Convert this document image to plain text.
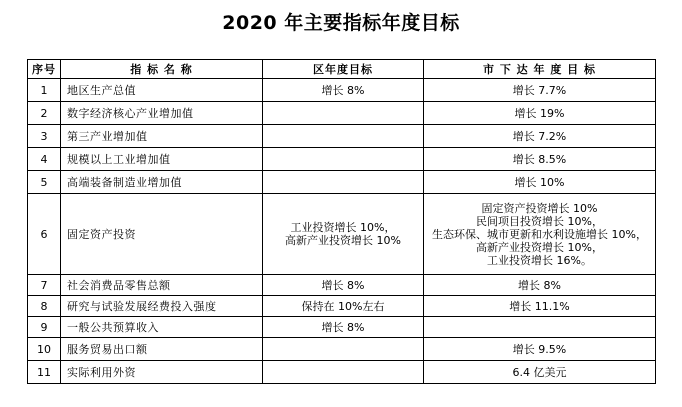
2020 年主要指标年度目标
序号	指 标 名 称	区年度目标	市 下 达 年 度 目 标
1	地区生产总值	增长 8%	增长 7.7%

2	数字经济核心产业增加值		增长 19%

3	第三产业增加值		增长 7.2%

4	规模以上工业增加值		增长 8.5%

5	高端装备制造业增加值		增长 10%

6	固定资产投资	工业投资增长 10%，
高新产业投资增长 10%	固定资产投资增长 10%
民间项目投资增长 10%，
生态环保、城市更新和水利设施增长 10%，
高新产业投资增长 10%，
工业投资增长 16%。

7	社会消费品零售总额	增长 8%	增长 8%

8	研究与试验发展经费投入强度	保持在 10%左右	增长 11.1%

9	一般公共预算收入	增长 8%	

10	服务贸易出口额		增长 9.5%

11	实际利用外资		6.4 亿美元
